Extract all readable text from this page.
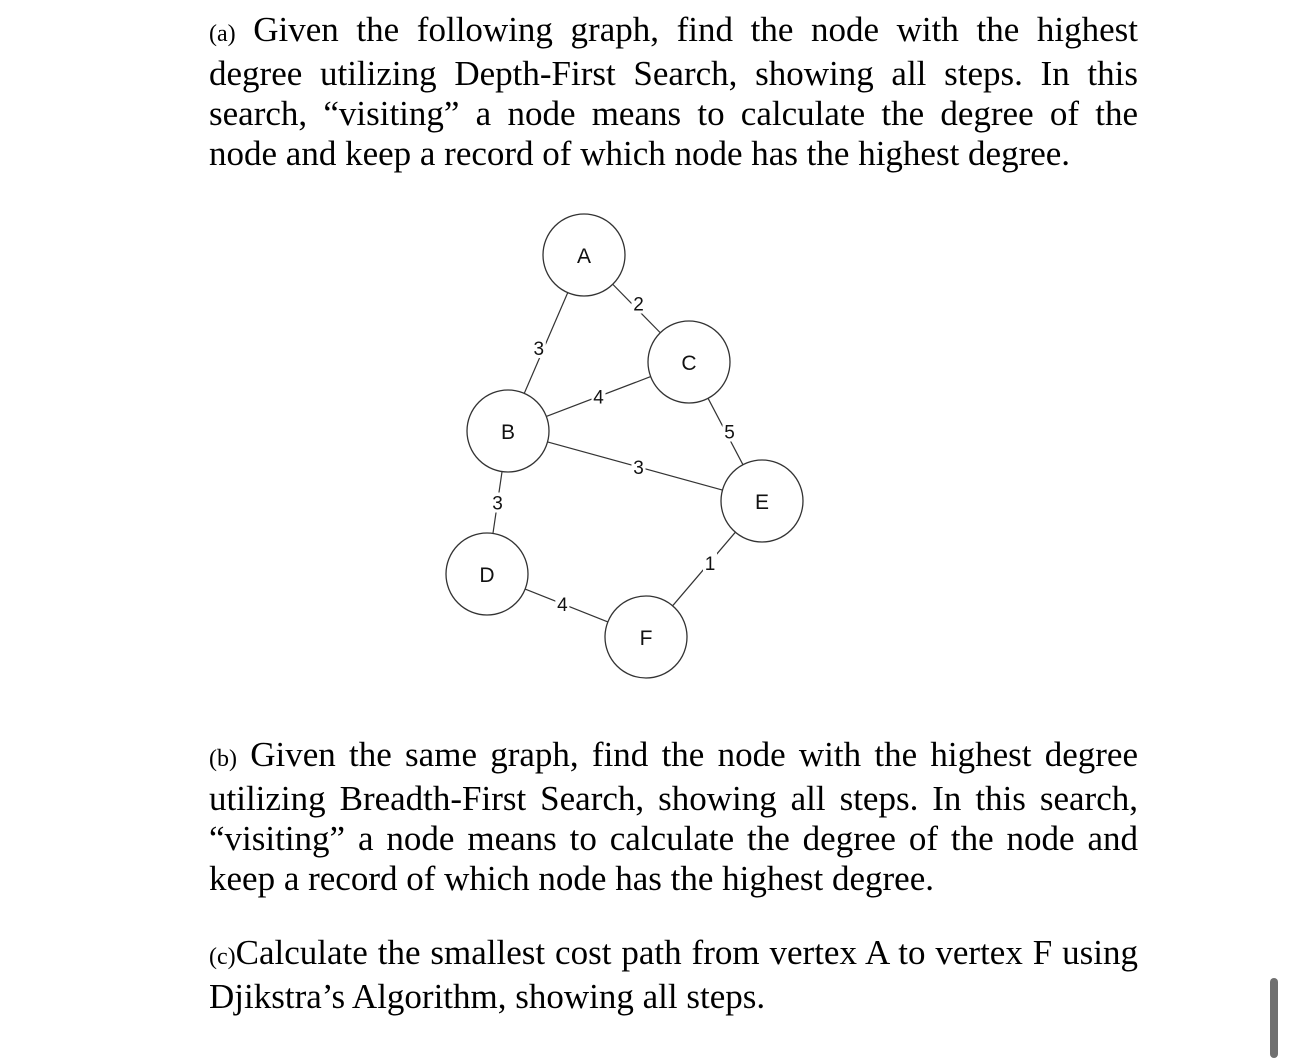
(a) Given the following graph, find the node with the highest degree utilizing Depth-First Search, showing all steps. In this search, “visiting” a node means to calculate the degree of the node and keep a record of which node has the highest degree.

3
2
4
3
5
3
4
1
A
B
C
D
E
F

(b) Given the same graph, find the node with the highest degree utilizing Breadth-First Search, showing all steps. In this search, “visiting” a node means to calculate the degree of the node and keep a record of which node has the highest degree.

(c)Calculate the smallest cost path from vertex A to vertex F using Djikstra’s Algorithm, showing all steps.
